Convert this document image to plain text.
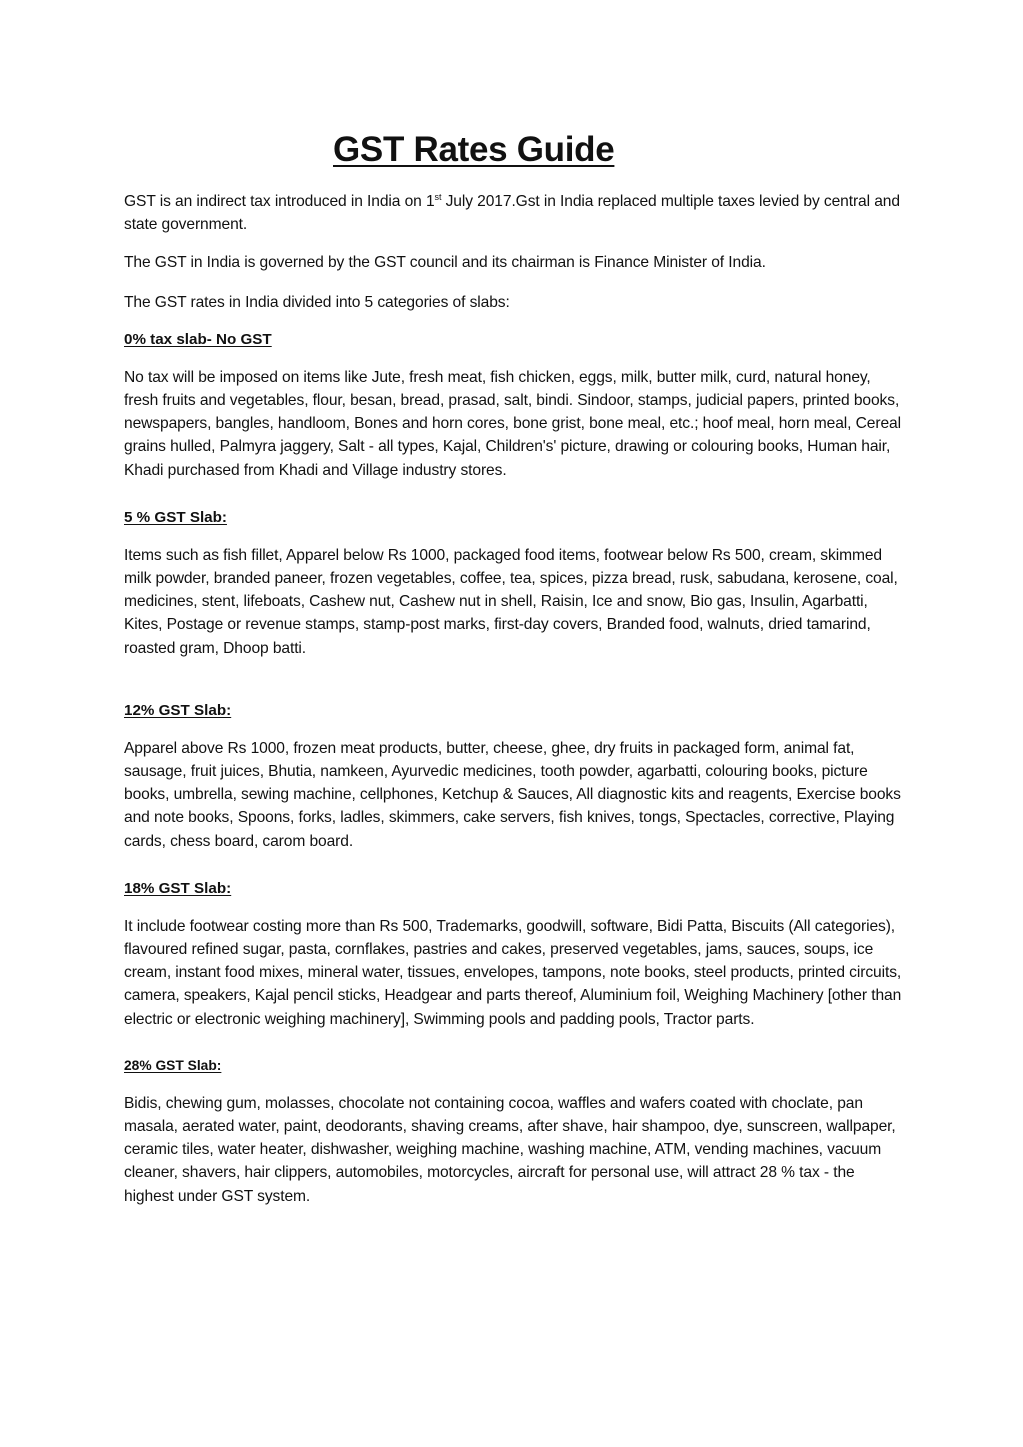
GST Rates Guide

GST is an indirect tax introduced in India on 1st July 2017.Gst in India replaced multiple taxes levied by central and state government.

The GST in India is governed by the GST council and its chairman is Finance Minister of India.

The GST rates in India divided into 5 categories of slabs:

0% tax slab- No GST

No tax will be imposed on items like Jute, fresh meat, fish chicken, eggs, milk, butter milk, curd, natural honey, fresh fruits and vegetables, flour, besan, bread, prasad, salt, bindi. Sindoor, stamps, judicial papers, printed books, newspapers, bangles, handloom, Bones and horn cores, bone grist, bone meal, etc.; hoof meal, horn meal, Cereal grains hulled, Palmyra jaggery, Salt - all types, Kajal, Children's' picture, drawing or colouring books, Human hair, Khadi purchased from Khadi and Village industry stores.

5 % GST Slab:

Items such as fish fillet, Apparel below Rs 1000, packaged food items, footwear below Rs 500, cream, skimmed milk powder, branded paneer, frozen vegetables, coffee, tea, spices, pizza bread, rusk, sabudana, kerosene, coal, medicines, stent, lifeboats, Cashew nut, Cashew nut in shell, Raisin, Ice and snow, Bio gas, Insulin, Agarbatti, Kites, Postage or revenue stamps, stamp-post marks, first-day covers, Branded food, walnuts, dried tamarind, roasted gram, Dhoop batti.

12% GST Slab:

Apparel above Rs 1000, frozen meat products, butter, cheese, ghee, dry fruits in packaged form, animal fat, sausage, fruit juices, Bhutia, namkeen, Ayurvedic medicines, tooth powder, agarbatti, colouring books, picture books, umbrella, sewing machine, cellphones, Ketchup & Sauces, All diagnostic kits and reagents, Exercise books and note books, Spoons, forks, ladles, skimmers, cake servers, fish knives, tongs, Spectacles, corrective, Playing cards, chess board, carom board.

18% GST Slab:

It include footwear costing more than Rs 500, Trademarks, goodwill, software, Bidi Patta, Biscuits (All categories), flavoured refined sugar, pasta, cornflakes, pastries and cakes, preserved vegetables, jams, sauces, soups, ice cream, instant food mixes, mineral water, tissues, envelopes, tampons, note books, steel products, printed circuits, camera, speakers, Kajal pencil sticks, Headgear and parts thereof, Aluminium foil, Weighing Machinery [other than electric or electronic weighing machinery], Swimming pools and padding pools, Tractor parts.

28% GST Slab:

Bidis, chewing gum, molasses, chocolate not containing cocoa, waffles and wafers coated with choclate, pan masala, aerated water, paint, deodorants, shaving creams, after shave, hair shampoo, dye, sunscreen, wallpaper, ceramic tiles, water heater, dishwasher, weighing machine, washing machine, ATM, vending machines, vacuum cleaner, shavers, hair clippers, automobiles, motorcycles, aircraft for personal use, will attract 28 % tax - the highest under GST system.
